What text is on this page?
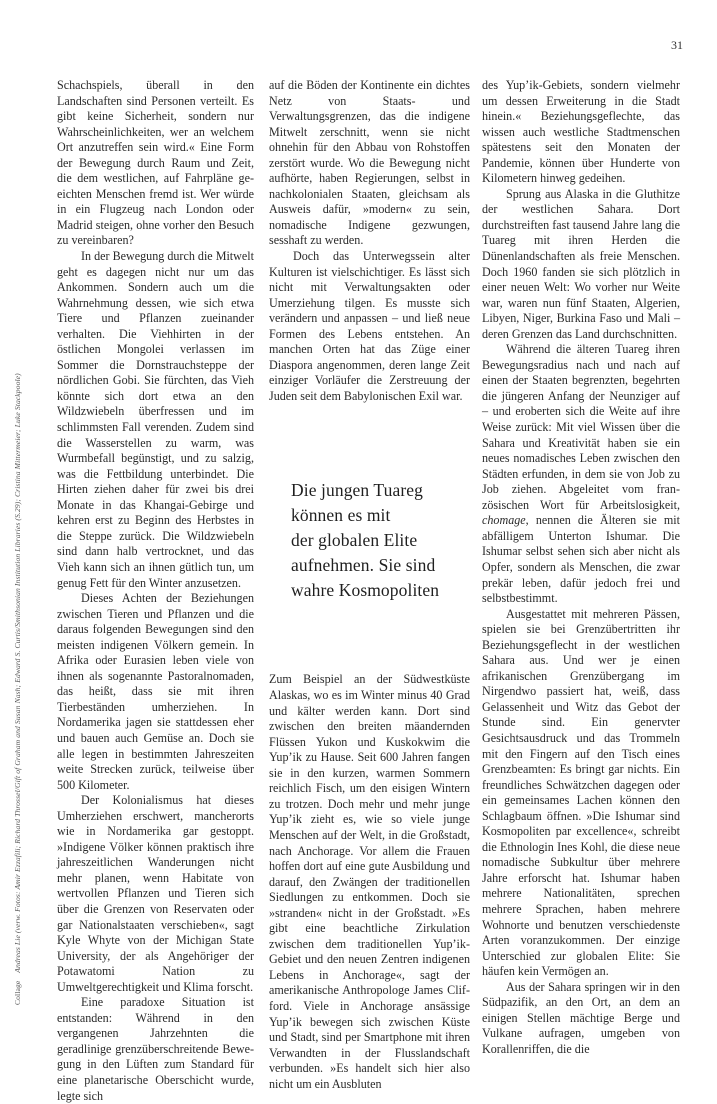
31
Collage Andreas Lie (verw. Fotos: Amir Ezzafili; Richard Throssel/Gift of Graham and Susan Nash; Edward S. Curtis/Smithsonian Institution Libraries (S.29); Cristina Mittermeier; Luke Stackpoole)

Schachspiels, überall in den Landschaften sind Personen verteilt. Es gibt keine Sicherheit, sondern nur Wahrscheinlichkeiten, wer an welchem Ort anzutreffen sein wird.« Eine Form der Bewegung durch Raum und Zeit, die dem westlichen, auf Fahrpläne geeichten Menschen fremd ist. Wer würde in ein Flugzeug nach London oder Madrid steigen, ohne vorher den Besuch zu vereinbaren?

In der Bewegung durch die Mitwelt geht es dagegen nicht nur um das Ankommen. Sondern auch um die Wahrnehmung dessen, wie sich etwa Tiere und Pflanzen zueinander verhalten. Die Viehhirten in der östlichen Mongolei verlassen im Sommer die Dornstrauchsteppe der nördlichen Gobi. Sie fürchten, das Vieh könnte sich dort etwa an den Wildzwiebeln überfressen und im schlimmsten Fall verenden. Zudem sind die Wasserstellen zu warm, was Wurmbefall begünstigt, und zu salzig, was die Fettbildung unterbindet. Die Hirten ziehen daher für zwei bis drei Monate in das Khangai-Gebirge und kehren erst zu Beginn des Herbstes in die Steppe zurück. Die Wildzwiebeln sind dann halb vertrocknet, und das Vieh kann sich an ihnen gütlich tun, um genug Fett für den Winter anzusetzen.

Dieses Achten der Beziehungen zwischen Tieren und Pflanzen und die daraus folgenden Bewegungen sind den meisten indigenen Völkern gemein. In Afrika oder Eurasien leben viele von ihnen als sogenannte Pastoralnomaden, das heißt, dass sie mit ihren Tierbeständen umherziehen. In Nordamerika jagen sie stattdessen eher und bauen auch Gemüse an. Doch sie alle legen in bestimmten Jahreszeiten weite Strecken zurück, teilweise über 500 Kilometer.

Der Kolonialismus hat dieses Umherziehen erschwert, mancherorts wie in Nordamerika gar gestoppt. »Indigene Völker können praktisch ihre jahreszeitlichen Wanderungen nicht mehr planen, wenn Habitate von wertvollen Pflanzen und Tieren sich über die Grenzen von Reservaten oder gar Nationalstaaten verschieben«, sagt Kyle Whyte von der Michigan State University, der als Angehöriger der Potawatomi Nation zu Umweltgerechtigkeit und Klima forscht.

Eine paradoxe Situation ist entstanden: Während in den vergangenen Jahrzehnten die geradlinige grenzüberschreitende Bewegung in den Lüften zum Standard für eine planetarische Oberschicht wurde, legte sich

auf die Böden der Kontinente ein dichtes Netz von Staats- und Verwaltungsgrenzen, das die indigene Mitwelt zerschnitt, wenn sie nicht ohnehin für den Abbau von Rohstoffen zerstört wurde. Wo die Bewegung nicht aufhörte, haben Regierungen, selbst in nachkolonialen Staaten, gleichsam als Ausweis dafür, »modern« zu sein, nomadische Indigene gezwungen, sesshaft zu werden.

Doch das Unterwegssein alter Kulturen ist vielschichtiger. Es lässt sich nicht mit Verwaltungsakten oder Umerziehung tilgen. Es musste sich verändern und anpassen – und ließ neue Formen des Lebens entstehen. An manchen Orten hat das Züge einer Diaspora angenommen, deren lange Zeit einziger Vorläufer die Zerstreuung der Juden seit dem Babylonischen Exil war.

Die jungen Tuareg
können es mit
der globalen Elite
aufnehmen. Sie sind
wahre Kosmopoliten

Zum Beispiel an der Südwestküste Alaskas, wo es im Winter minus 40 Grad und kälter werden kann. Dort sind zwischen den breiten mäandernden Flüssen Yukon und Kuskokwim die Yup’ik zu Hause. Seit 600 Jahren fangen sie in den kurzen, warmen Sommern reichlich Fisch, um den eisigen Wintern zu trotzen. Doch mehr und mehr junge Yup’ik zieht es, wie so viele junge Menschen auf der Welt, in die Großstadt, nach Anchorage. Vor allem die Frauen hoffen dort auf eine gute Ausbildung und darauf, den Zwängen der traditionellen Siedlungen zu entkommen. Doch sie »stranden« nicht in der Großstadt. »Es gibt eine beachtliche Zirkulation zwischen dem traditionellen Yup’ik-Gebiet und den neuen Zentren indigenen Lebens in Anchorage«, sagt der amerikanische Anthropologe James Clifford. Viele in Anchorage ansässige Yup’ik bewegen sich zwischen Küste und Stadt, sind per Smartphone mit ihren Verwandten in der Flusslandschaft verbunden. »Es handelt sich hier also nicht um ein Ausbluten

des Yup’ik-Gebiets, sondern vielmehr um dessen Erweiterung in die Stadt hinein.« Beziehungsgeflechte, das wissen auch westliche Stadtmenschen spätestens seit den Monaten der Pandemie, können über Hunderte von Kilometern hinweg gedeihen.

Sprung aus Alaska in die Gluthitze der westlichen Sahara. Dort durchstreiften fast tausend Jahre lang die Tuareg mit ihren Herden die Dünenlandschaften als freie Menschen. Doch 1960 fanden sie sich plötzlich in einer neuen Welt: Wo vorher nur Weite war, waren nun fünf Staaten, Algerien, Libyen, Niger, Burkina Faso und Mali – deren Grenzen das Land durchschnitten.

Während die älteren Tuareg ihren Bewegungsradius nach und nach auf einen der Staaten begrenzten, begehrten die jüngeren Anfang der Neunziger auf – und eroberten sich die Weite auf ihre Weise zurück: Mit viel Wissen über die Sahara und Kreativität haben sie ein neues nomadisches Leben zwischen den Städten erfunden, in dem sie von Job zu Job ziehen. Abgeleitet vom französischen Wort für Arbeitslosigkeit, chomage, nennen die Älteren sie mit abfälligem Unterton Ishumar. Die Ishumar selbst sehen sich aber nicht als Opfer, sondern als Menschen, die zwar prekär leben, dafür jedoch frei und selbstbestimmt.

Ausgestattet mit mehreren Pässen, spielen sie bei Grenzübertritten ihr Beziehungsgeflecht in der westlichen Sahara aus. Und wer je einen afrikanischen Grenzübergang im Nirgendwo passiert hat, weiß, dass Gelassenheit und Witz das Gebot der Stunde sind. Ein genervter Gesichtsausdruck und das Trommeln mit den Fingern auf den Tisch eines Grenzbeamten: Es bringt gar nichts. Ein freundliches Schwätzchen dagegen oder ein gemeinsames Lachen können den Schlagbaum öffnen. »Die Ishumar sind Kosmopoliten par excellence«, schreibt die Ethnologin Ines Kohl, die diese neue nomadische Subkultur über mehrere Jahre erforscht hat. Ishumar haben mehrere Nationalitäten, sprechen mehrere Sprachen, haben mehrere Wohnorte und benutzen verschiedenste Arten voranzukommen. Der einzige Unterschied zur globalen Elite: Sie häufen kein Vermögen an.

Aus der Sahara springen wir in den Südpazifik, an den Ort, an dem an einigen Stellen mächtige Berge und Vulkane aufragen, umgeben von Korallenriffen, die die
